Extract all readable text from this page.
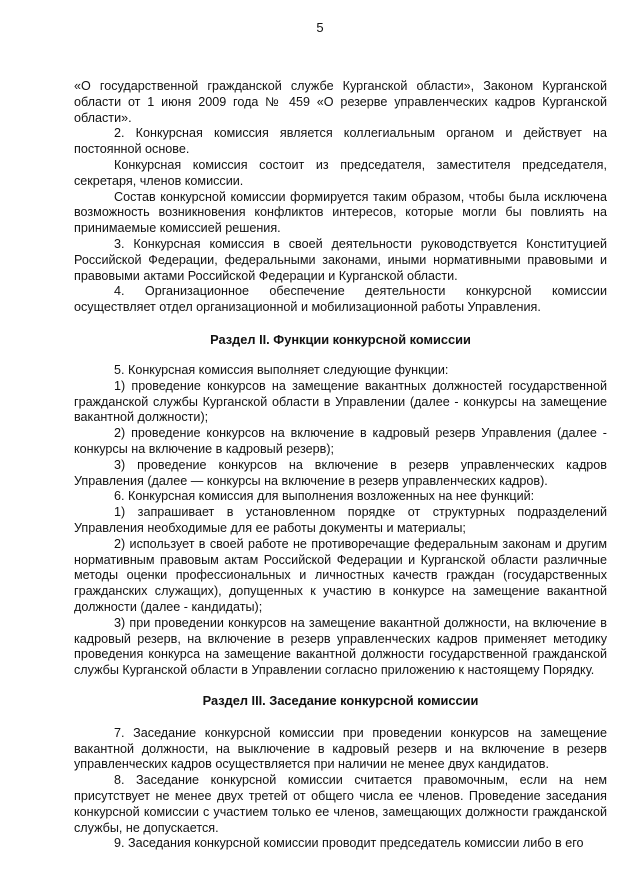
5

«О государственной гражданской службе Курганской области», Законом Курганской области от 1 июня 2009 года № 459 «О резерве управленческих кадров Курганской области».

2. Конкурсная комиссия является коллегиальным органом и действует на постоянной основе.

Конкурсная комиссия состоит из председателя, заместителя председателя, секретаря, членов комиссии.

Состав конкурсной комиссии формируется таким образом, чтобы была исключена возможность возникновения конфликтов интересов, которые могли бы повлиять на принимаемые комиссией решения.

3. Конкурсная комиссия в своей деятельности руководствуется Конституцией Российской Федерации, федеральными законами, иными нормативными правовыми и правовыми актами Российской Федерации и Курганской области.

4. Организационное обеспечение деятельности конкурсной комиссии осуществляет отдел организационной и мобилизационной работы Управления.

Раздел II. Функции конкурсной комиссии

5. Конкурсная комиссия выполняет следующие функции:

1) проведение конкурсов на замещение вакантных должностей государственной гражданской службы Курганской области в Управлении (далее - конкурсы на замещение вакантной должности);

2) проведение конкурсов на включение в кадровый резерв Управления (далее - конкурсы на включение в кадровый резерв);

3) проведение конкурсов на включение в резерв управленческих кадров Управления (далее — конкурсы на включение в резерв управленческих кадров).

6. Конкурсная комиссия для выполнения возложенных на нее функций:

1) запрашивает в установленном порядке от структурных подразделений Управления необходимые для ее работы документы и материалы;

2) использует в своей работе не противоречащие федеральным законам и другим нормативным правовым актам Российской Федерации и Курганской области различные методы оценки профессиональных и личностных качеств граждан (государственных гражданских служащих), допущенных к участию в конкурсе на замещение вакантной должности (далее - кандидаты);

3) при проведении конкурсов на замещение вакантной должности, на включение в кадровый резерв, на включение в резерв управленческих кадров применяет методику проведения конкурса на замещение вакантной должности государственной гражданской службы Курганской области в Управлении согласно приложению к настоящему Порядку.

Раздел III. Заседание конкурсной комиссии

7. Заседание конкурсной комиссии при проведении конкурсов на замещение вакантной должности, на выключение в кадровый резерв и на включение в резерв управленческих кадров осуществляется при наличии не менее двух кандидатов.

8. Заседание конкурсной комиссии считается правомочным, если на нем присутствует не менее двух третей от общего числа ее членов. Проведение заседания конкурсной комиссии с участием только ее членов, замещающих должности гражданской службы, не допускается.

9. Заседания конкурсной комиссии проводит председатель комиссии либо в его
